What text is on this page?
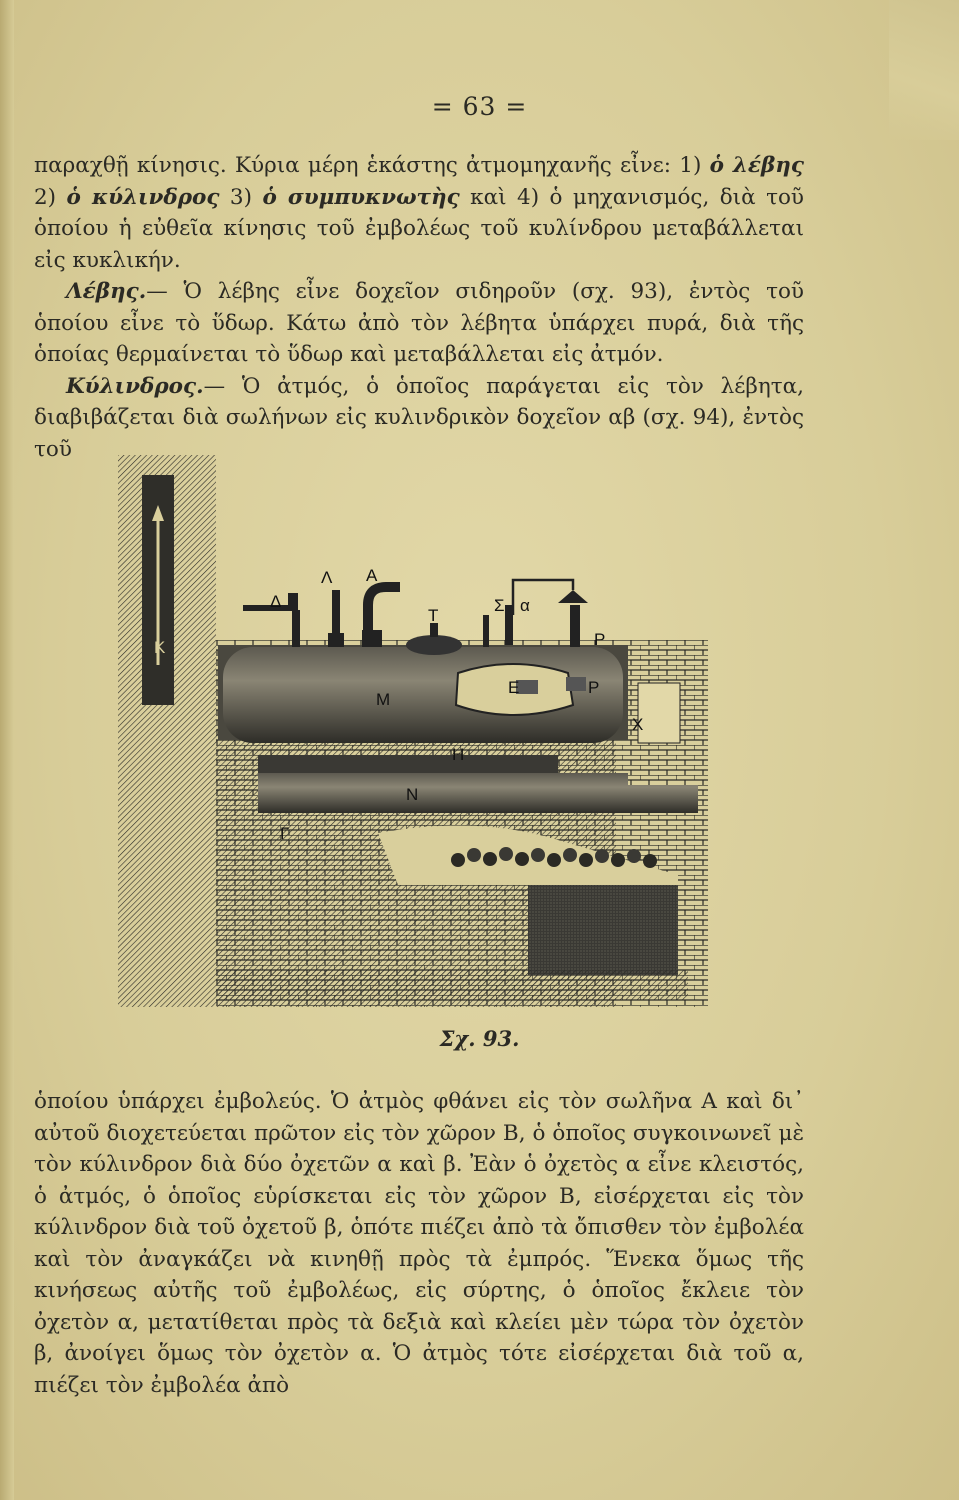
= 63 =

παραχθῇ κίνησις. Κύρια μέρη ἑκάστης ἀτμομηχανῆς εἶνε: 1) ὁ λέβης 2) ὁ κύλινδρος 3) ὁ συμπυκνωτὴς καὶ 4) ὁ μηχανισμός, διὰ τοῦ ὁποίου ἡ εὐθεῖα κίνησις τοῦ ἐμβολέως τοῦ κυλίνδρου μεταβάλλεται εἰς κυκλικήν.

Λέβης.— Ὁ λέβης εἶνε δοχεῖον σιδηροῦν (σχ. 93), ἐντὸς τοῦ ὁποίου εἶνε τὸ ὕδωρ. Κάτω ἀπὸ τὸν λέβητα ὑπάρχει πυρά, διὰ τῆς ὁποίας θερμαίνεται τὸ ὕδωρ καὶ μεταβάλλεται εἰς ἀτμόν.

Κύλινδρος.— Ὁ ἀτμός, ὁ ὁποῖος παράγεται εἰς τὸν λέβητα, διαβιβάζεται διὰ σωλήνων εἰς κυλινδρικὸν δοχεῖον αβ (σχ. 94), ἐντὸς τοῦ

Λ Α
Δ
Τ
Σ α
Ρ
Ρ
Κ
Μ
Ε
Χ
Η
Ν
Γ
Σχ. 93.

ὁποίου ὑπάρχει ἐμβολεύς. Ὁ ἀτμὸς φθάνει εἰς τὸν σωλῆνα Α καὶ δι᾽ αὐτοῦ διοχετεύεται πρῶτον εἰς τὸν χῶρον Β, ὁ ὁποῖος συγκοινωνεῖ μὲ τὸν κύλινδρον διὰ δύο ὀχετῶν α καὶ β. Ἐὰν ὁ ὀχετὸς α εἶνε κλειστός, ὁ ἀτμός, ὁ ὁποῖος εὑρίσκεται εἰς τὸν χῶρον Β, εἰσέρχεται εἰς τὸν κύλινδρον διὰ τοῦ ὀχετοῦ β, ὁπότε πιέζει ἀπὸ τὰ ὄπισθεν τὸν ἐμβολέα καὶ τὸν ἀναγκάζει νὰ κινηθῇ πρὸς τὰ ἐμπρός. Ἕνεκα ὅμως τῆς κινήσεως αὐτῆς τοῦ ἐμβολέως, εἰς σύρτης, ὁ ὁποῖος ἔκλειε τὸν ὀχετὸν α, μετατίθεται πρὸς τὰ δεξιὰ καὶ κλείει μὲν τώρα τὸν ὀχετὸν β, ἀνοίγει ὅμως τὸν ὀχετὸν α. Ὁ ἀτμὸς τότε εἰσέρχεται διὰ τοῦ α, πιέζει τὸν ἐμβολέα ἀπὸ
